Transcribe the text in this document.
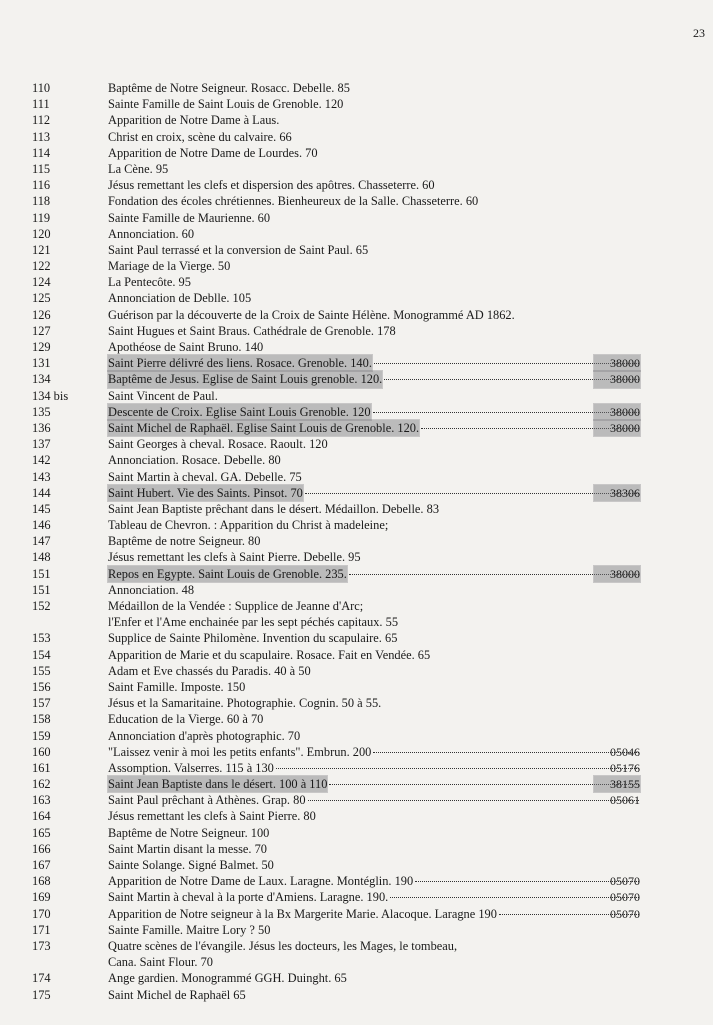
23
110	Baptême de Notre Seigneur. Rosacc. Debelle. 85
111	Sainte Famille de Saint Louis de Grenoble. 120
112	Apparition de Notre Dame à Laus.
113	Christ en croix, scène du calvaire. 66
114	Apparition de Notre Dame de Lourdes. 70
115	La Cène. 95
116	Jésus remettant les clefs et dispersion des apôtres. Chasseterre. 60
118	Fondation des écoles chrétiennes. Bienheureux de la Salle. Chasseterre. 60
119	Sainte Famille de Maurienne. 60
120	Annonciation. 60
121	Saint Paul terrassé et la conversion de Saint Paul. 65
122	Mariage de la Vierge. 50
124	La Pentecôte. 95
125	Annonciation de Deblle. 105
126	Guérison par la découverte de la Croix de Sainte Hélène. Monogrammé AD 1862.
127	Saint Hugues et Saint Braus. Cathédrale de Grenoble. 178
129	Apothéose de Saint Bruno. 140
131	Saint Pierre délivré des liens. Rosace. Grenoble. 140.	38000
134	Baptême de Jesus. Eglise de Saint Louis grenoble. 120.	38000
134 bis	Saint Vincent de Paul.
135	Descente de Croix. Eglise Saint Louis Grenoble. 120	38000
136	Saint Michel de Raphaël. Eglise Saint Louis de Grenoble. 120.	38000
137	Saint Georges à cheval. Rosace. Raoult. 120
142	Annonciation. Rosace. Debelle. 80
143	Saint Martin à cheval. GA. Debelle. 75
144	Saint Hubert. Vie des Saints. Pinsot. 70	38306
145	Saint Jean Baptiste prêchant dans le désert. Médaillon. Debelle. 83
146	Tableau de Chevron. : Apparition du Christ à madeleine;
147	Baptême de notre Seigneur. 80
148	Jésus remettant les clefs à Saint Pierre. Debelle. 95
151	Repos en Egypte. Saint Louis de Grenoble. 235.	38000
151	Annonciation. 48
152	Médaillon de la Vendée : Supplice de Jeanne d'Arc;
l'Enfer et l'Ame enchainée par les sept péchés capitaux. 55
153	Supplice de Sainte Philomène. Invention du scapulaire. 65
154	Apparition de Marie et du scapulaire. Rosace. Fait en Vendée. 65
155	Adam et Eve chassés du Paradis. 40 à 50
156	Saint Famille. Imposte. 150
157	Jésus et la Samaritaine. Photographie. Cognin. 50 à 55.
158	Education de la Vierge. 60 à 70
159	Annonciation d'après photographic. 70
160	"Laissez venir à moi les petits enfants". Embrun. 200	05046
161	Assomption. Valserres. 115 à 130	05176
162	Saint Jean Baptiste dans le désert. 100 à 110	38155
163	Saint Paul prêchant à Athènes. Grap. 80	05061
164	Jésus remettant les clefs à Saint Pierre. 80
165	Baptême de Notre Seigneur. 100
166	Saint Martin disant la messe. 70
167	Sainte Solange. Signé Balmet. 50
168	Apparition de Notre Dame de Laux. Laragne. Montéglin. 190	05070
169	Saint Martin à cheval à la porte d'Amiens. Laragne. 190.	05070
170	Apparition de Notre seigneur à la Bx Margerite Marie. Alacoque. Laragne 190	05070
171	Sainte Famille. Maitre Lory ? 50
173	Quatre scènes de l'évangile. Jésus les docteurs, les Mages, le tombeau,
Cana. Saint Flour. 70
174	Ange gardien. Monogrammé GGH. Duinght. 65
175	Saint Michel de Raphaël 65
